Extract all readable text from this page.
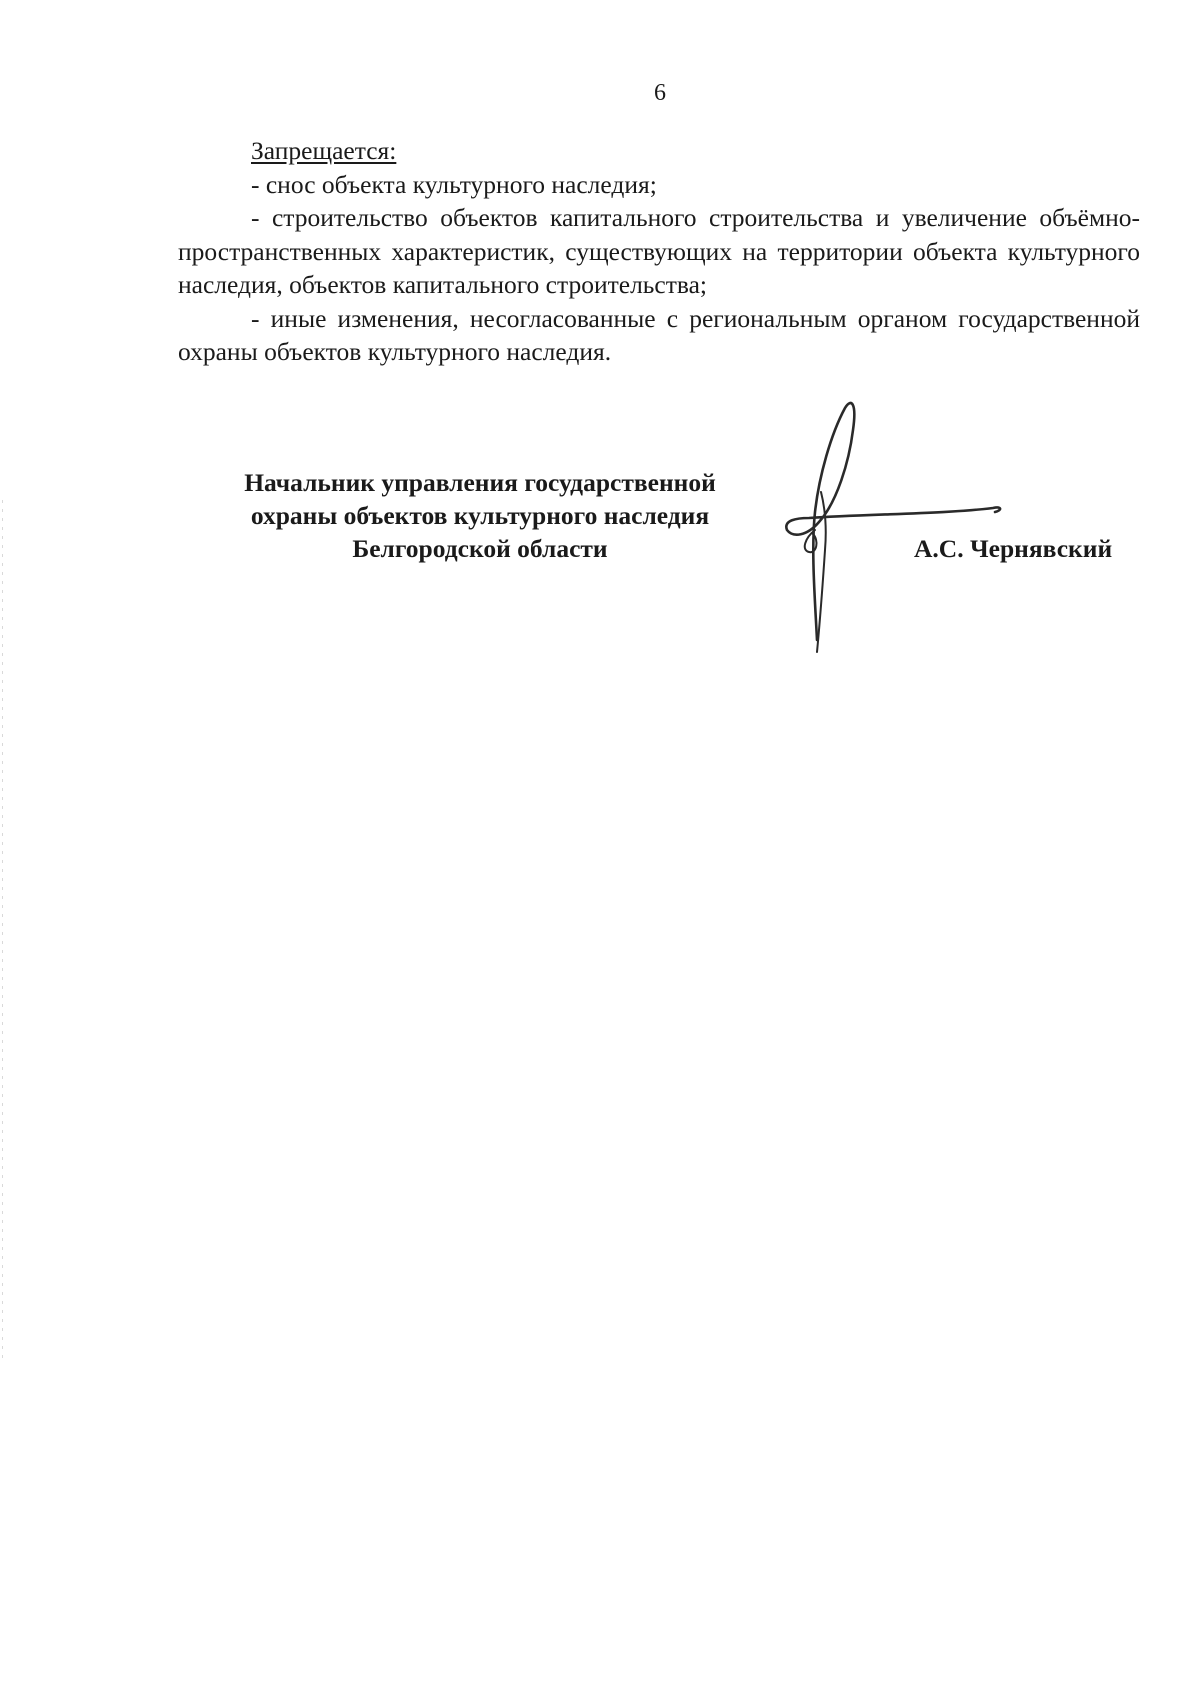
6

Запрещается:

- снос объекта культурного наследия;

- строительство объектов капитального строительства и увеличение объёмно-пространственных характеристик, существующих на территории объекта культурного наследия, объектов капитального строительства;

- иные изменения, несогласованные с региональным органом государственной охраны объектов культурного наследия.

Начальник управления государственной
охраны объектов культурного наследия
Белгородской области	А.С. Чернявский
